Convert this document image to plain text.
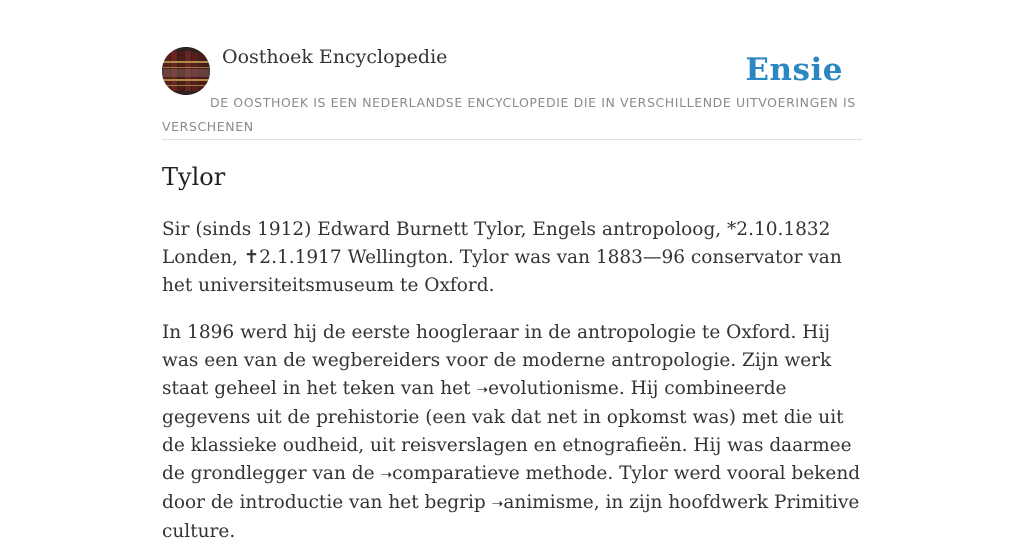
Oosthoek Encyclopedie	Ensie
DE OOSTHOEK IS EEN NEDERLANDSE ENCYCLOPEDIE DIE IN VERSCHILLENDE UITVOERINGEN IS VERSCHENEN
Tylor

Sir (sinds 1912) Edward Burnett Tylor, Engels antropoloog, *2.10.1832 Londen, ✝2.1.1917 Wellington. Tylor was van 1883—96 conservator van het universiteitsmuseum te Oxford.

In 1896 werd hij de eerste hoogleraar in de antropologie te Oxford. Hij was een van de wegbereiders voor de moderne antropologie. Zijn werk staat geheel in het teken van het ➝evolutionisme. Hij combineerde gegevens uit de prehistorie (een vak dat net in opkomst was) met die uit de klassieke oudheid, uit reisverslagen en etnografieën. Hij was daarmee de grondlegger van de ➝comparatieve methode. Tylor werd vooral bekend door de introductie van het begrip ➝animisme, in zijn hoofdwerk Primitive culture.
